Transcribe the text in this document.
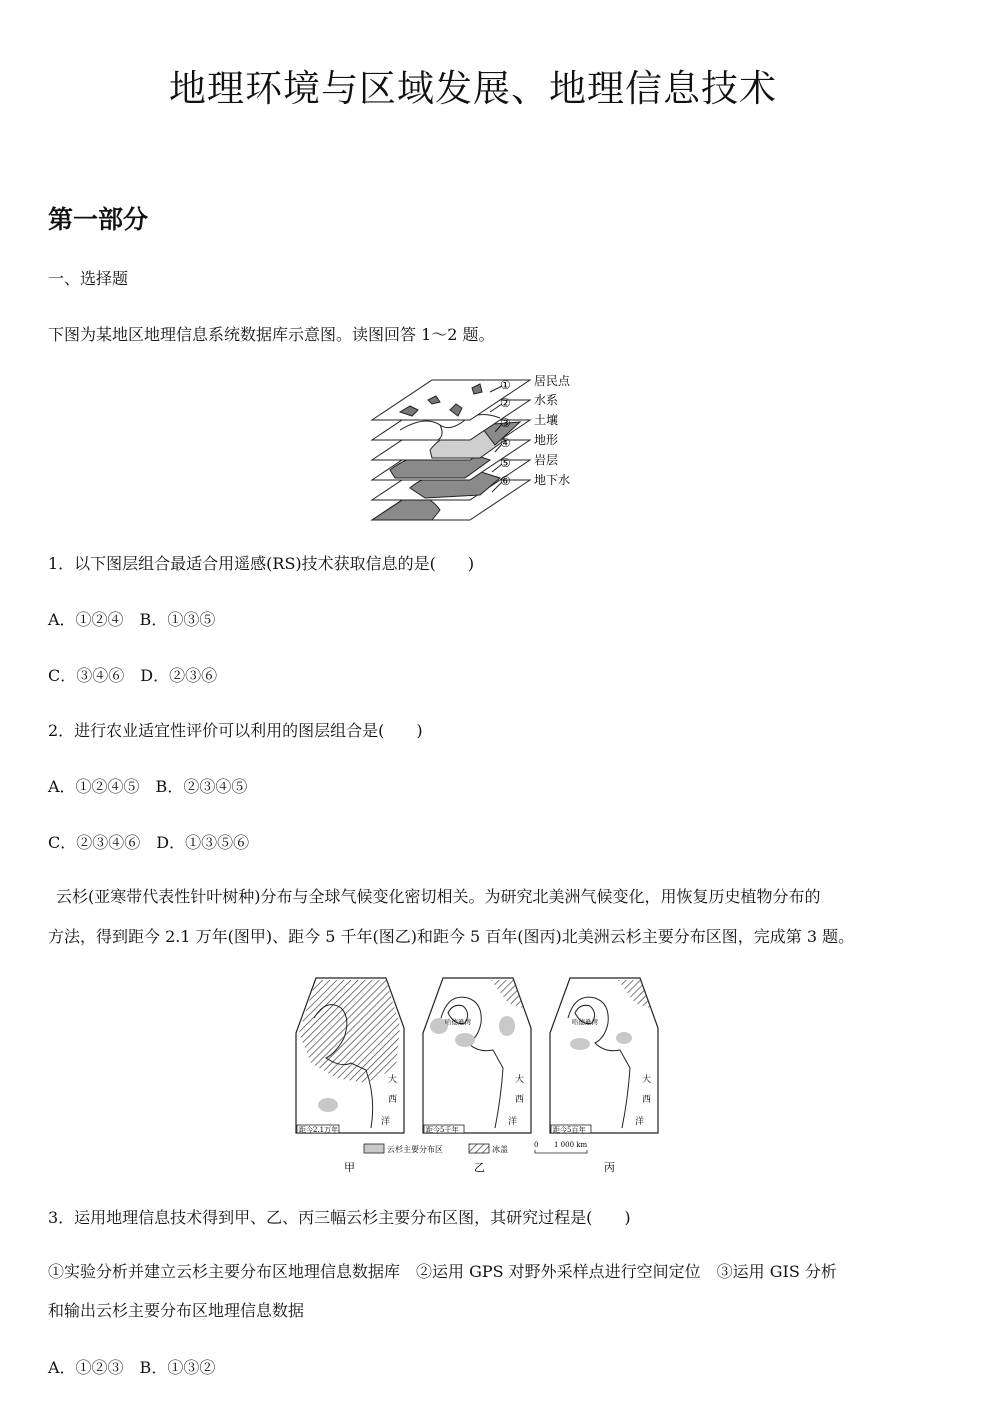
地理环境与区域发展、地理信息技术
第一部分
一、选择题
下图为某地区地理信息系统数据库示意图。读图回答 1～2 题。
① 居民点
② 水系
③ 土壤
④ 地形
⑤ 岩层
⑥ 地下水
1．以下图层组合最适合用遥感(RS)技术获取信息的是(　　)
A．①②④　B．①③⑤
C．③④⑥　D．②③⑥
2．进行农业适宜性评价可以利用的图层组合是(　　)
A．①②④⑤　B．②③④⑤
C．②③④⑥　D．①③⑤⑥
云杉(亚寒带代表性针叶树种)分布与全球气候变化密切相关。为研究北美洲气候变化，用恢复历史植物分布的
方法，得到距今 2.1 万年(图甲)、距今 5 千年(图乙)和距今 5 百年(图丙)北美洲云杉主要分布区图，完成第 3 题。
大
西
洋
距今2.1万年
哈德逊湾
大
西
洋
距今5千年
哈德逊湾
大
西
洋
距今5百年
云杉主要分布区	冰盖	0 1 000 km
甲	乙	丙
3．运用地理信息技术得到甲、乙、丙三幅云杉主要分布区图，其研究过程是(　　)
①实验分析并建立云杉主要分布区地理信息数据库　②运用 GPS 对野外采样点进行空间定位　③运用 GIS 分析
和输出云杉主要分布区地理信息数据
A．①②③　B．①③②
